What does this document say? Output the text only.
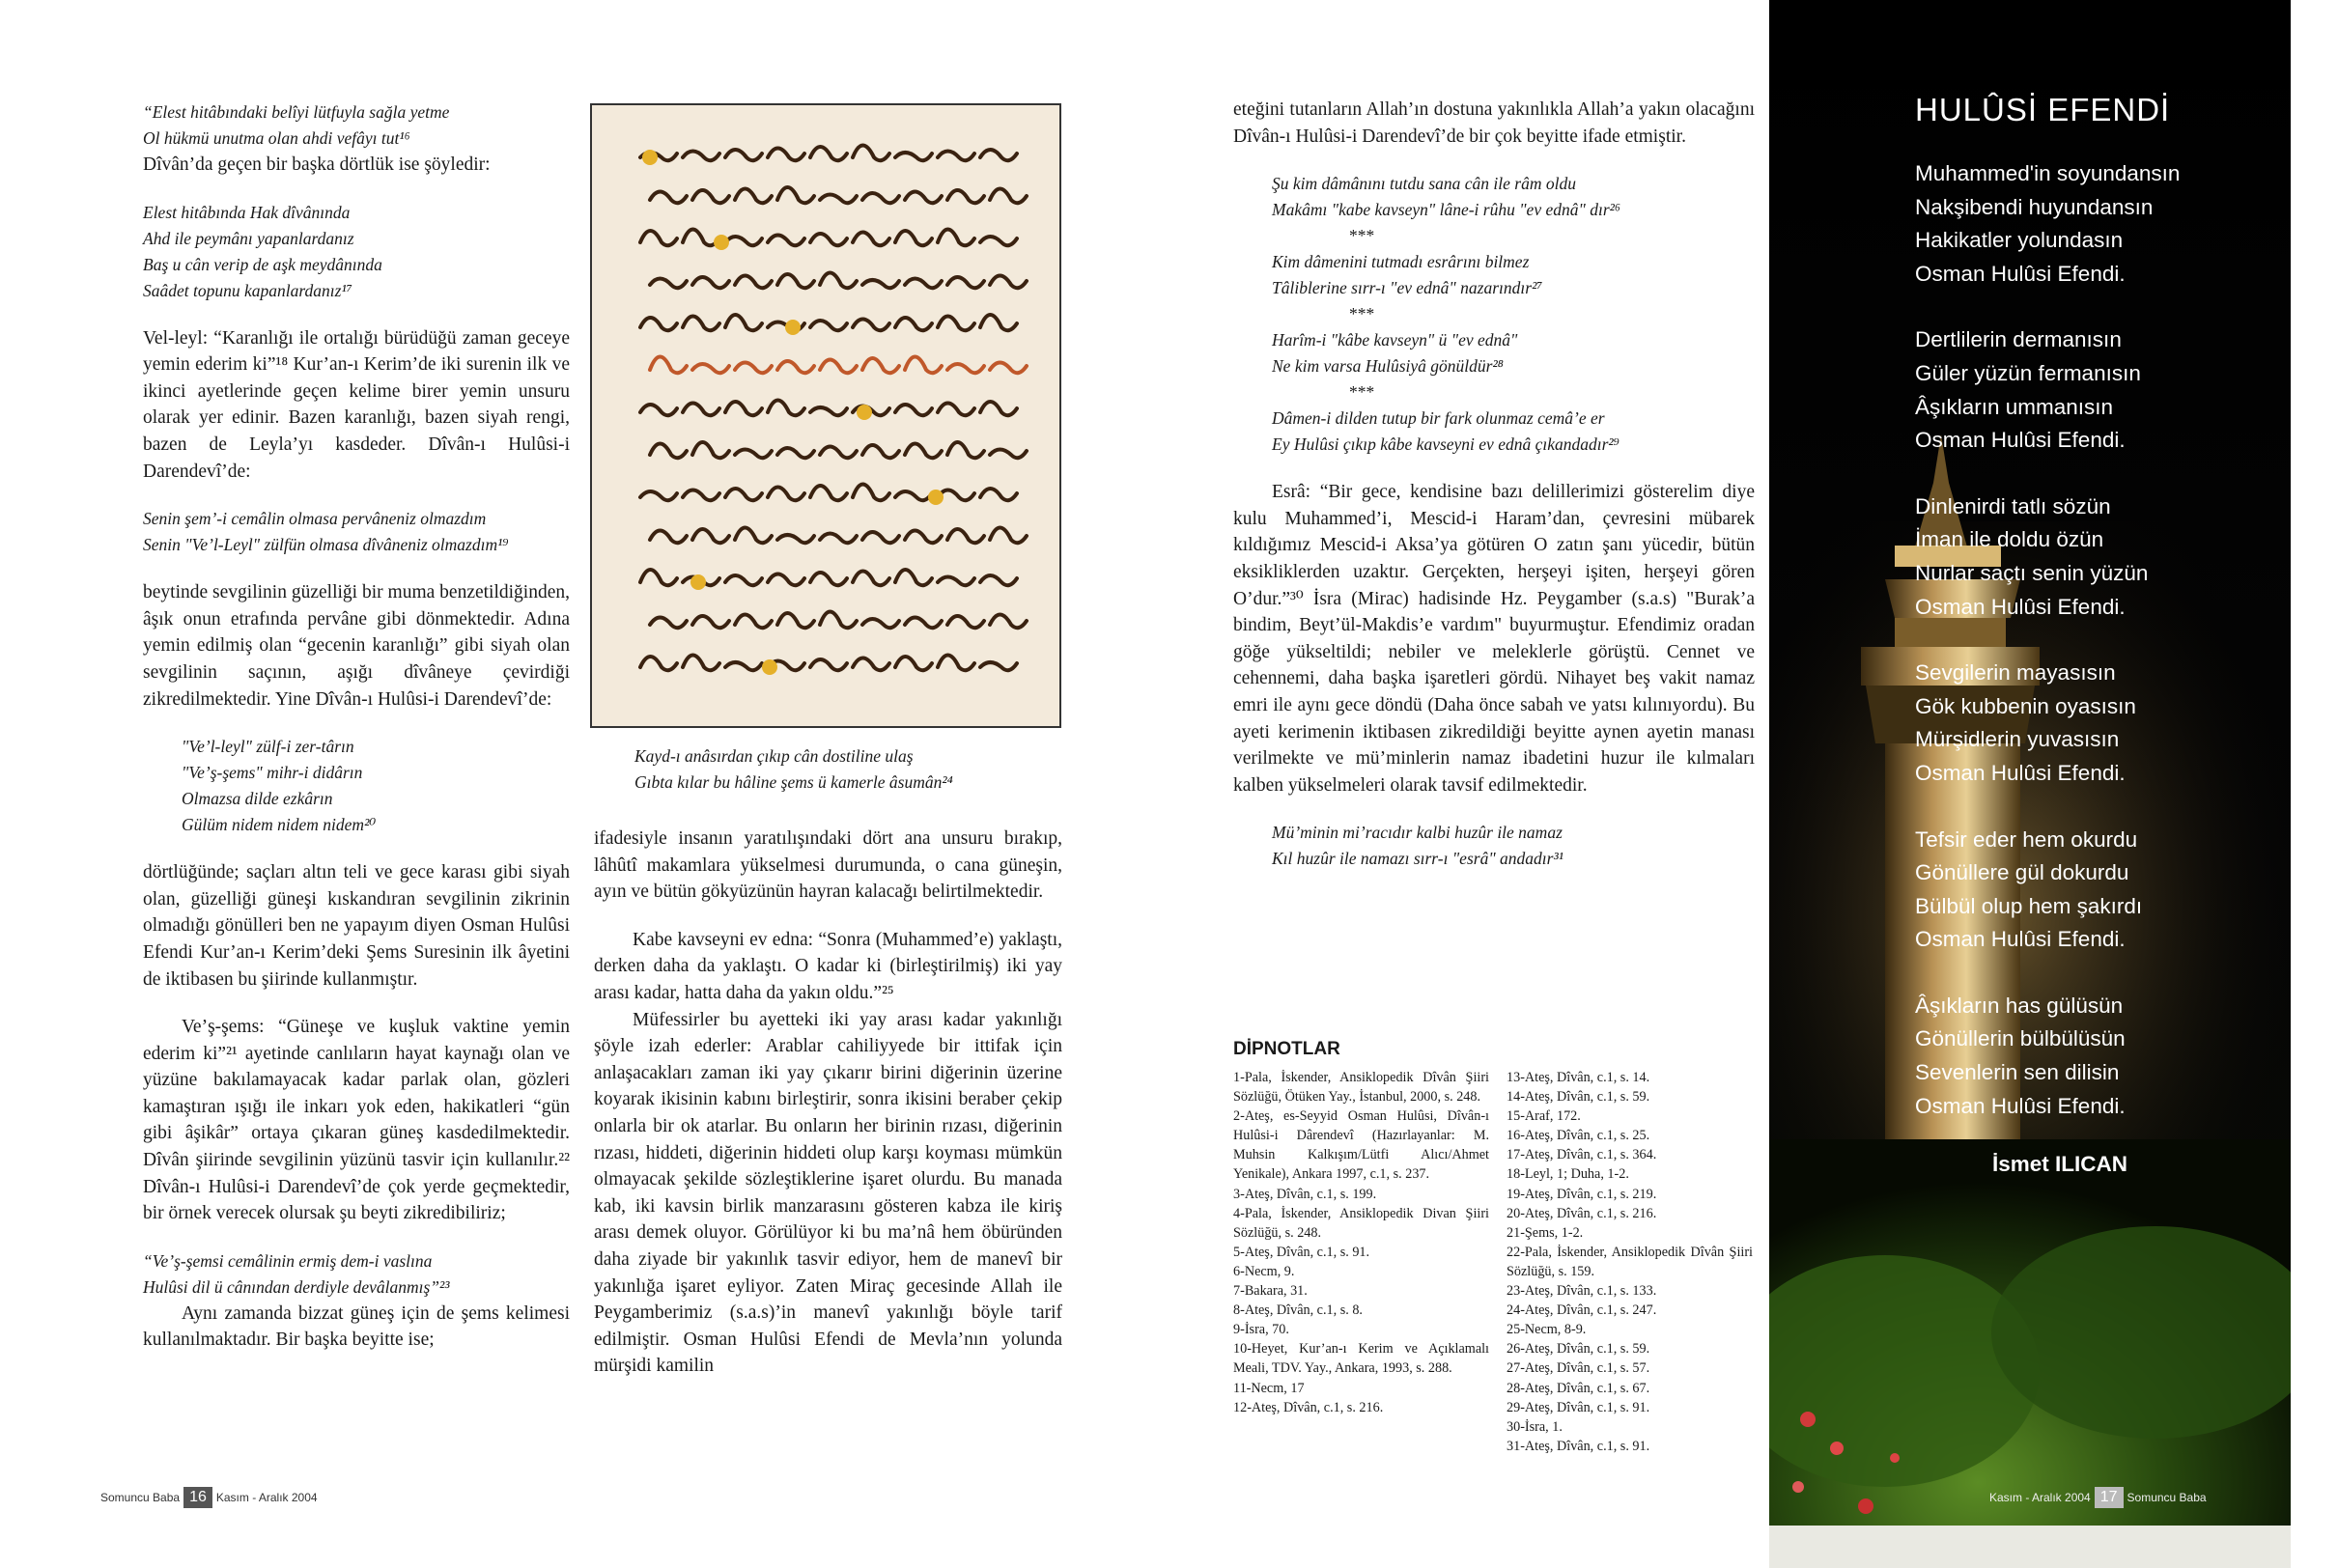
“Elest hitâbındaki belîyi lütfuyla sağla yetme

Ol hükmü unutma olan ahdi vefâyı tut¹⁶

Dîvân’da geçen bir başka dörtlük ise şöyledir:

Elest hitâbında Hak dîvânında

Ahd ile peymânı yapanlardanız

Baş u cân verip de aşk meydânında

Saâdet topunu kapanlardanız¹⁷

Vel-leyl: “Karanlığı ile ortalığı bürüdüğü zaman geceye yemin ederim ki”¹⁸ Kur’an-ı Kerim’de iki surenin ilk ve ikinci ayetlerinde geçen kelime birer yemin unsuru olarak yer edinir. Bazen karanlığı, bazen siyah rengi, bazen de Leyla’yı kasdeder. Dîvân-ı Hulûsi-i Darendevî’de:

Senin şem’-i cemâlin olmasa pervâneniz olmazdım

Senin "Ve’l-Leyl" zülfün olmasa dîvâneniz olmazdım¹⁹

beytinde sevgilinin güzelliği bir muma benzetildiğinden, âşık onun etrafında pervâne gibi dönmektedir. Adına yemin edilmiş olan “gecenin karanlığı” gibi siyah olan sevgilinin saçının, aşığı dîvâneye çevirdiği zikredilmektedir. Yine Dîvân-ı Hulûsi-i Darendevî’de:

"Ve’l-leyl" zülf-i zer-târın

"Ve’ş-şems" mihr-i didârın

Olmazsa dilde ezkârın

Gülüm nidem nidem nidem²⁰

dörtlüğünde; saçları altın teli ve gece karası gibi siyah olan, güzelliği güneşi kıskandıran sevgilinin zikrinin olmadığı gönülleri ben ne yapayım diyen Osman Hulûsi Efendi Kur’an-ı Kerim’deki Şems Suresinin ilk âyetini de iktibasen bu şiirinde kullanmıştır.

Ve’ş-şems: “Güneşe ve kuşluk vaktine yemin ederim ki”²¹ ayetinde canlıların hayat kaynağı olan ve yüzüne bakılamayacak kadar parlak olan, gözleri kamaştıran ışığı ile inkarı yok eden, hakikatleri “gün gibi âşikâr” ortaya çıkaran güneş kasdedilmektedir. Dîvân şiirinde sevgilinin yüzünü tasvir için kullanılır.²² Dîvân-ı Hulûsi-i Darendevî’de çok yerde geçmektedir, bir örnek verecek olursak şu beyti zikredibiliriz;

“Ve’ş-şemsi cemâlinin ermiş dem-i vaslına

Hulûsi dil ü cânından derdiyle devâlanmış”²³

Aynı zamanda bizzat güneş için de şems kelimesi kullanılmaktadır. Bir başka beyitte ise;

Kayd-ı anâsırdan çıkıp cân dostiline ulaş
Gıbta kılar bu hâline şems ü kamerle âsumân²⁴

ifadesiyle insanın yaratılışındaki dört ana unsuru bırakıp, lâhûtî makamlara yükselmesi durumunda, o cana güneşin, ayın ve bütün gökyüzünün hayran kalacağı belirtilmektedir.

Kabe kavseyni ev edna: “Sonra (Muhammed’e) yaklaştı, derken daha da yaklaştı. O kadar ki (birleştirilmiş) iki yay arası kadar, hatta daha da yakın oldu.”²⁵

Müfessirler bu ayetteki iki yay arası kadar yakınlığı şöyle izah ederler: Arablar cahiliyyede bir ittifak için anlaşacakları zaman iki yay çıkarır birini diğerinin üzerine koyarak ikisinin kabını birleştirir, sonra ikisini beraber çekip onlarla bir ok atarlar. Bu onların her birinin rızası, diğerinin rızası, hiddeti, diğerinin hiddeti olup karşı koyması mümkün olmayacak şekilde sözleştiklerine işaret olurdu. Bu manada kab, iki kavsin birlik manzarasını gösteren kabza ile kiriş arası demek oluyor. Görülüyor ki bu ma’nâ hem öbüründen daha ziyade bir yakınlık tasvir ediyor, hem de manevî bir yakınlığa işaret eyliyor. Zaten Miraç gecesinde Allah ile Peygamberimiz (s.a.s)’in manevî yakınlığı böyle tarif edilmiştir. Osman Hulûsi Efendi de Mevla’nın yolunda mürşidi kamilin

Somuncu Baba 16 Kasım - Aralık 2004

eteğini tutanların Allah’ın dostuna yakınlıkla Allah’a yakın olacağını Dîvân-ı Hulûsi-i Darendevî’de bir çok beyitte ifade etmiştir.

Şu kim dâmânını tutdu sana cân ile râm oldu

Makâmı "kabe kavseyn" lâne-i rûhu "ev ednâ" dır²⁶

***

Kim dâmenini tutmadı esrârını bilmez

Tâliblerine sırr-ı "ev ednâ" nazarındır²⁷

***

Harîm-i "kâbe kavseyn" ü "ev ednâ"

Ne kim varsa Hulûsiyâ gönüldür²⁸

***

Dâmen-i dilden tutup bir fark olunmaz cemâ’e er

Ey Hulûsi çıkıp kâbe kavseyni ev ednâ çıkandadır²⁹

Esrâ: “Bir gece, kendisine bazı delillerimizi gösterelim diye kulu Muhammed’i, Mescid-i Haram’dan, çevresini mübarek kıldığımız Mescid-i Aksa’ya götüren O zatın şanı yücedir, bütün eksikliklerden uzaktır. Gerçekten, herşeyi işiten, herşeyi gören O’dur.”³⁰ İsra (Mirac) hadisinde Hz. Peygamber (s.a.s) "Burak’a bindim, Beyt’ül-Makdis’e vardım" buyurmuştur. Efendimiz oradan göğe yükseltildi; nebiler ve meleklerle görüştü. Cennet ve cehennemi, daha başka işaretleri gördü. Nihayet beş vakit namaz emri ile aynı gece döndü (Daha önce sabah ve yatsı kılınıyordu). Bu ayeti kerimenin iktibasen zikredildiği beyitte aynen ayetin manası verilmekte ve mü’minlerin namaz ibadetini huzur ile kılmaları kalben yükselmeleri olarak tavsif edilmektedir.

Mü’minin mi’racıdır kalbi huzûr ile namaz

Kıl huzûr ile namazı sırr-ı "esrâ" andadır³¹

DİPNOTLAR
1-Pala, İskender, Ansiklopedik Dîvân Şiiri Sözlüğü, Ötüken Yay., İstanbul, 2000, s. 248.
2-Ateş, es-Seyyid Osman Hulûsi, Dîvân-ı Hulûsi-i Dârendevî (Hazırlayanlar: M. Muhsin Kalkışım/Lütfi Alıcı/Ahmet Yenikale), Ankara 1997, c.1, s. 237.
3-Ateş, Dîvân, c.1, s. 199.
4-Pala, İskender, Ansiklopedik Divan Şiiri Sözlüğü, s. 248.
5-Ateş, Dîvân, c.1, s. 91.
6-Necm, 9.
7-Bakara, 31.
8-Ateş, Dîvân, c.1, s. 8.
9-İsra, 70.
10-Heyet, Kur’an-ı Kerim ve Açıklamalı Meali, TDV. Yay., Ankara, 1993, s. 288.
11-Necm, 17
12-Ateş, Dîvân, c.1, s. 216.
13-Ateş, Dîvân, c.1, s. 14.
14-Ateş, Dîvân, c.1, s. 59.
15-Araf, 172.
16-Ateş, Dîvân, c.1, s. 25.
17-Ateş, Dîvân, c.1, s. 364.
18-Leyl, 1; Duha, 1-2.
19-Ateş, Dîvân, c.1, s. 219.
20-Ateş, Dîvân, c.1, s. 216.
21-Şems, 1-2.
22-Pala, İskender, Ansiklopedik Dîvân Şiiri Sözlüğü, s. 159.
23-Ateş, Dîvân, c.1, s. 133.
24-Ateş, Dîvân, c.1, s. 247.
25-Necm, 8-9.
26-Ateş, Dîvân, c.1, s. 59.
27-Ateş, Dîvân, c.1, s. 57.
28-Ateş, Dîvân, c.1, s. 67.
29-Ateş, Dîvân, c.1, s. 91.
30-İsra, 1.
31-Ateş, Dîvân, c.1, s. 91.
HULÛSİ EFENDİ
Muhammed'in soyundansın
Nakşibendi huyundansın
Hakikatler yolundasın
Osman Hulûsi Efendi.
Dertlilerin dermanısın
Güler yüzün fermanısın
Âşıkların ummanısın
Osman Hulûsi Efendi.
Dinlenirdi tatlı sözün
İman ile doldu özün
Nurlar saçtı senin yüzün
Osman Hulûsi Efendi.
Sevgilerin mayasısın
Gök kubbenin oyasısın
Mürşidlerin yuvasısın
Osman Hulûsi Efendi.
Tefsir eder hem okurdu
Gönüllere gül dokurdu
Bülbül olup hem şakırdı
Osman Hulûsi Efendi.
Âşıkların has gülüsün
Gönüllerin bülbülüsün
Sevenlerin sen dilisin
Osman Hulûsi Efendi.
İsmet ILICAN
Kasım - Aralık 2004 17 Somuncu Baba
